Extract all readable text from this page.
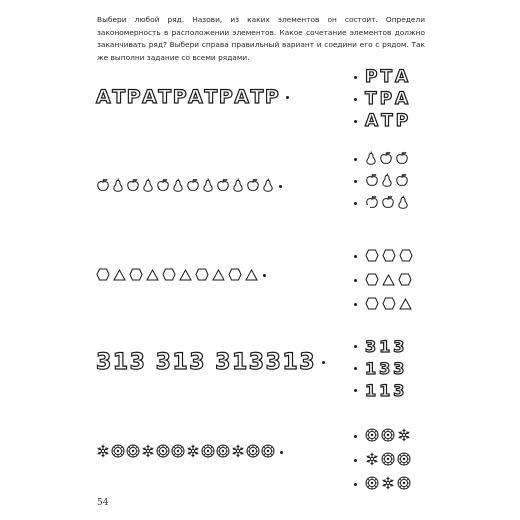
Выбери любой ряд. Назови, из каких элементов он состоит. Определи закономерность в расположении элементов. Какое сочетание элементов должно заканчивать ряд? Выбери справа правильный вариант и соедини его с рядом. Так же выполни задание со всеми рядами.

АТРАТРАТРАТР
РТА
ТРА
АТР
313 313 313313
313
133
113
54
